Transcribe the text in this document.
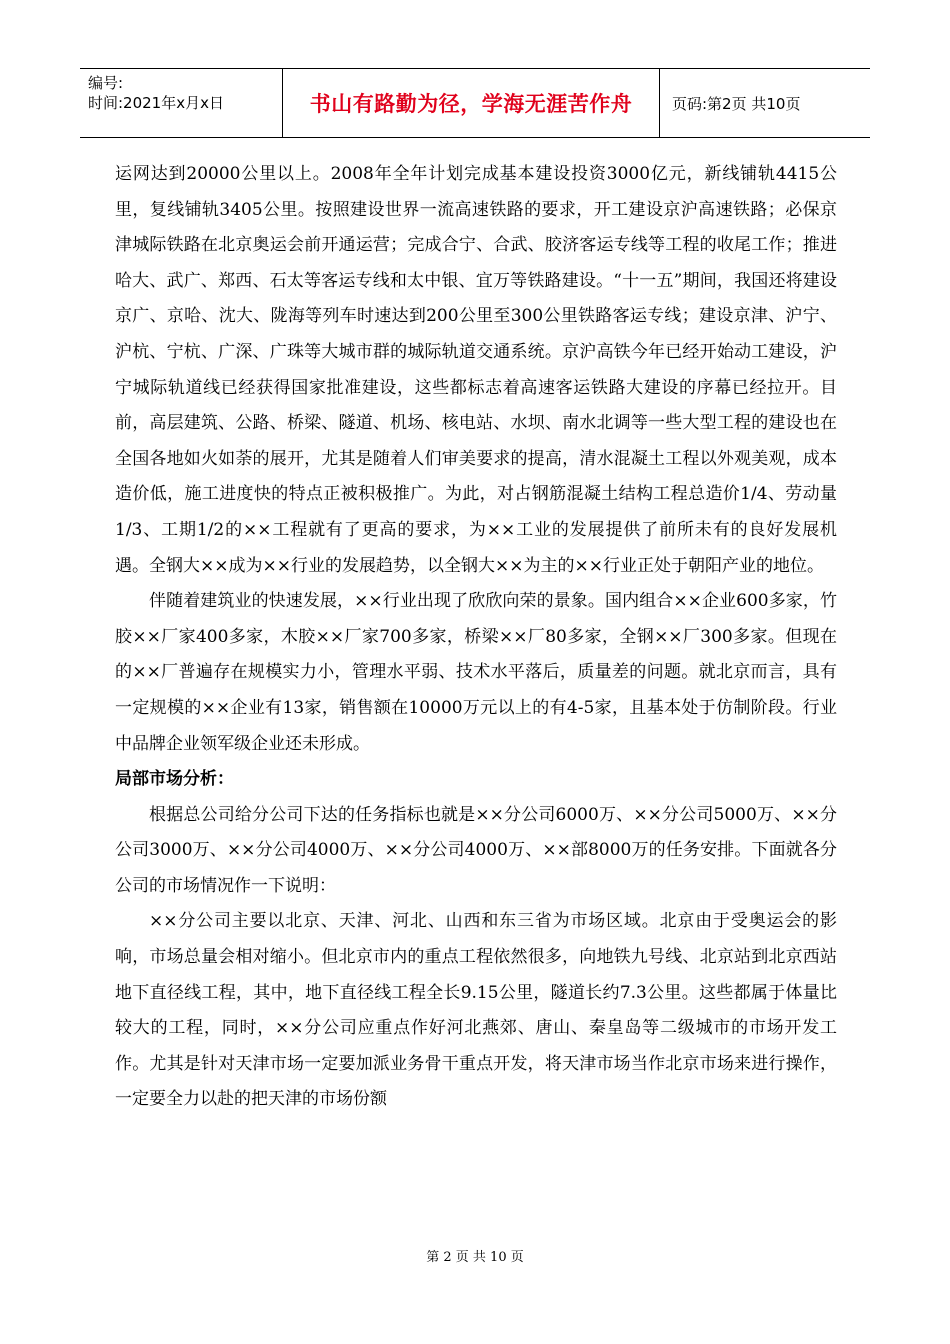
编号:
时间:2021年x月x日	书山有路勤为径，学海无涯苦作舟	页码:第2页 共10页

运网达到20000公里以上。2008年全年计划完成基本建设投资3000亿元，新线铺轨4415公里，复线铺轨3405公里。按照建设世界一流高速铁路的要求，开工建设京沪高速铁路；必保京津城际铁路在北京奥运会前开通运营；完成合宁、合武、胶济客运专线等工程的收尾工作；推进哈大、武广、郑西、石太等客运专线和太中银、宜万等铁路建设。“十一五”期间，我国还将建设京广、京哈、沈大、陇海等列车时速达到200公里至300公里铁路客运专线；建设京津、沪宁、沪杭、宁杭、广深、广珠等大城市群的城际轨道交通系统。京沪高铁今年已经开始动工建设，沪宁城际轨道线已经获得国家批准建设，这些都标志着高速客运铁路大建设的序幕已经拉开。目前，高层建筑、公路、桥梁、隧道、机场、核电站、水坝、南水北调等一些大型工程的建设也在全国各地如火如荼的展开，尤其是随着人们审美要求的提高，清水混凝土工程以外观美观，成本造价低，施工进度快的特点正被积极推广。为此，对占钢筋混凝土结构工程总造价1/4、劳动量1/3、工期1/2的××工程就有了更高的要求，为××工业的发展提供了前所未有的良好发展机遇。全钢大××成为××行业的发展趋势，以全钢大××为主的××行业正处于朝阳产业的地位。

伴随着建筑业的快速发展，××行业出现了欣欣向荣的景象。国内组合××企业600多家，竹胶××厂家400多家，木胶××厂家700多家，桥梁××厂80多家，全钢××厂300多家。但现在的××厂普遍存在规模实力小，管理水平弱、技术水平落后，质量差的问题。就北京而言，具有一定规模的××企业有13家，销售额在10000万元以上的有4-5家，且基本处于仿制阶段。行业中品牌企业领军级企业还未形成。

局部市场分析：

根据总公司给分公司下达的任务指标也就是××分公司6000万、××分公司5000万、××分公司3000万、××分公司4000万、××分公司4000万、××部8000万的任务安排。下面就各分公司的市场情况作一下说明：

××分公司主要以北京、天津、河北、山西和东三省为市场区域。北京由于受奥运会的影响，市场总量会相对缩小。但北京市内的重点工程依然很多，向地铁九号线、北京站到北京西站地下直径线工程，其中，地下直径线工程全长9.15公里，隧道长约7.3公里。这些都属于体量比较大的工程，同时，××分公司应重点作好河北燕郊、唐山、秦皇岛等二级城市的市场开发工作。尤其是针对天津市场一定要加派业务骨干重点开发，将天津市场当作北京市场来进行操作，一定要全力以赴的把天津的市场份额

第 2 页 共 10 页
